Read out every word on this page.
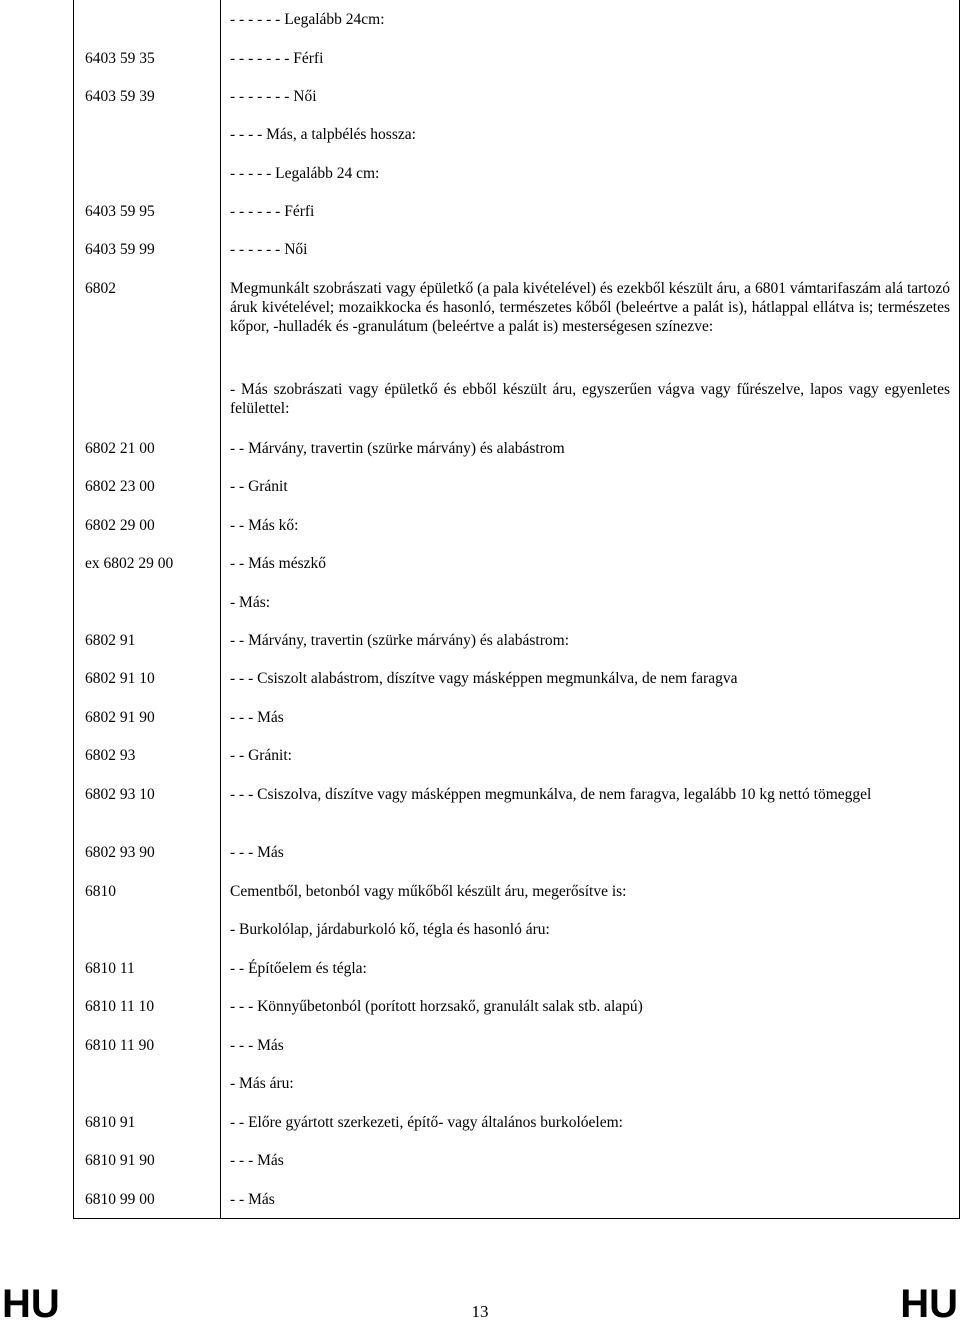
- - - - - - Legalább 24cm:
6403 59 35	- - - - - - - Férfi
6403 59 39	- - - - - - - Női
- - - - Más, a talpbélés hossza:
- - - - - Legalább 24 cm:
6403 59 95	- - - - - - Férfi
6403 59 99	- - - - - - Női
6802	Megmunkált szobrászati vagy épületkő (a pala kivételével) és ezekből készült áru, a 6801 vámtarifaszám alá tartozó áruk kivételével; mozaikkocka és hasonló, természetes kőből (beleértve a palát is), hátlappal ellátva is; természetes kőpor, -hulladék és -granulátum (beleértve a palát is) mesterségesen színezve:
- Más szobrászati vagy épületkő és ebből készült áru, egyszerűen vágva vagy fűrészelve, lapos vagy egyenletes felülettel:
6802 21 00	- - Márvány, travertin (szürke márvány) és alabástrom
6802 23 00	- - Gránit
6802 29 00	- - Más kő:
ex 6802 29 00	- - Más mészkő
- Más:
6802 91	- - Márvány, travertin (szürke márvány) és alabástrom:
6802 91 10	- - - Csiszolt alabástrom, díszítve vagy másképpen megmunkálva, de nem faragva
6802 91 90	- - - Más
6802 93	- - Gránit:
6802 93 10	- - - Csiszolva, díszítve vagy másképpen megmunkálva, de nem faragva, legalább 10 kg nettó tömeggel
6802 93 90	- - - Más
6810	Cementből, betonból vagy műkőből készült áru, megerősítve is:
- Burkolólap, járdaburkoló kő, tégla és hasonló áru:
6810 11	- - Építőelem és tégla:
6810 11 10	- - - Könnyűbetonból (porított horzsakő, granulált salak stb. alapú)
6810 11 90	- - - Más
- Más áru:
6810 91	- - Előre gyártott szerkezeti, építő- vagy általános burkolóelem:
6810 91 90	- - - Más
6810 99 00	- - Más
HU	13	HU
